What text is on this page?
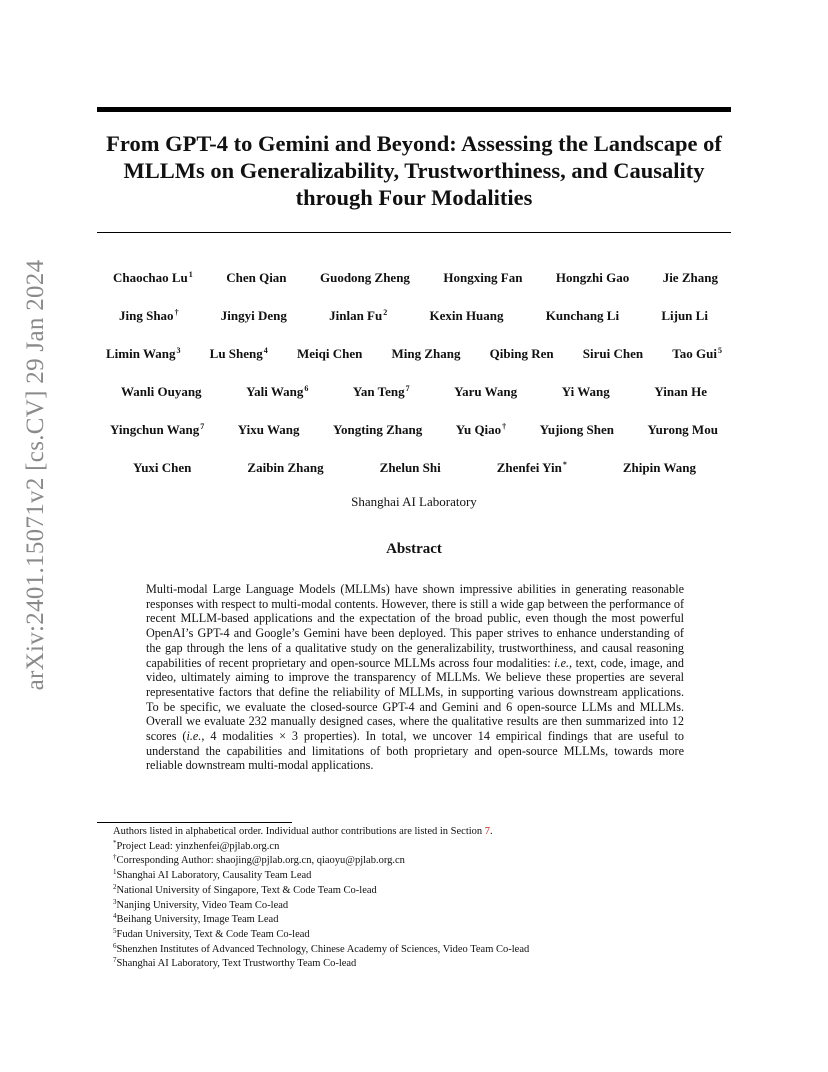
arXiv:2401.15071v2 [cs.CV] 29 Jan 2024
From GPT-4 to Gemini and Beyond: Assessing the Landscape of MLLMs on Generalizability, Trustworthiness, and Causality through Four Modalities
Chaochao Lu$^1$	Chen Qian	Guodong Zheng	Hongxing Fan	Hongzhi Gao	Jie Zhang
Jing Shao†	Jingyi Deng	Jinlan Fu$^2$	Kexin Huang	Kunchang Li	Lijun Li
Limin Wang$^3$ Lu Sheng$^4$ Meiqi Chen Ming Zhang Qibing Ren Sirui Chen Tao Gui$^5$
Wanli Ouyang	Yali Wang$^6$	Yan Teng$^7$	Yaru Wang	Yi Wang	Yinan He
Yingchun Wang$^7$	Yixu Wang	Yongting Zhang	Yu Qiao†	Yujiong Shen	Yurong Mou
Yuxi Chen	Zaibin Zhang	Zhelun Shi	Zhenfei Yin*	Zhipin Wang
Shanghai AI Laboratory
Abstract

Multi-modal Large Language Models (MLLMs) have shown impressive abilities in generating reasonable responses with respect to multi-modal contents. However, there is still a wide gap between the performance of recent MLLM-based applications and the expectation of the broad public, even though the most powerful OpenAI’s GPT-4 and Google’s Gemini have been deployed. This paper strives to enhance understanding of the gap through the lens of a qualitative study on the generalizability, trustworthiness, and causal reasoning capabilities of recent proprietary and open-source MLLMs across four modalities: i.e., text, code, image, and video, ultimately aiming to improve the transparency of MLLMs. We believe these properties are several representative factors that define the reliability of MLLMs, in supporting various downstream applications. To be specific, we evaluate the closed-source GPT-4 and Gemini and 6 open-source LLMs and MLLMs. Overall we evaluate 232 manually designed cases, where the qualitative results are then summarized into 12 scores (i.e., 4 modalities × 3 properties). In total, we uncover 14 empirical findings that are useful to understand the capabilities and limitations of both proprietary and open-source MLLMs, towards more reliable downstream multi-modal applications.

Authors listed in alphabetical order. Individual author contributions are listed in Section 7.
*Project Lead: yinzhenfei@pjlab.org.cn
†Corresponding Author: shaojing@pjlab.org.cn, qiaoyu@pjlab.org.cn
$^1$Shanghai AI Laboratory, Causality Team Lead
$^2$National University of Singapore, Text & Code Team Co-lead
$^3$Nanjing University, Video Team Co-lead
$^4$Beihang University, Image Team Lead
$^5$Fudan University, Text & Code Team Co-lead
$^6$Shenzhen Institutes of Advanced Technology, Chinese Academy of Sciences, Video Team Co-lead
$^7$Shanghai AI Laboratory, Text Trustworthy Team Co-lead
